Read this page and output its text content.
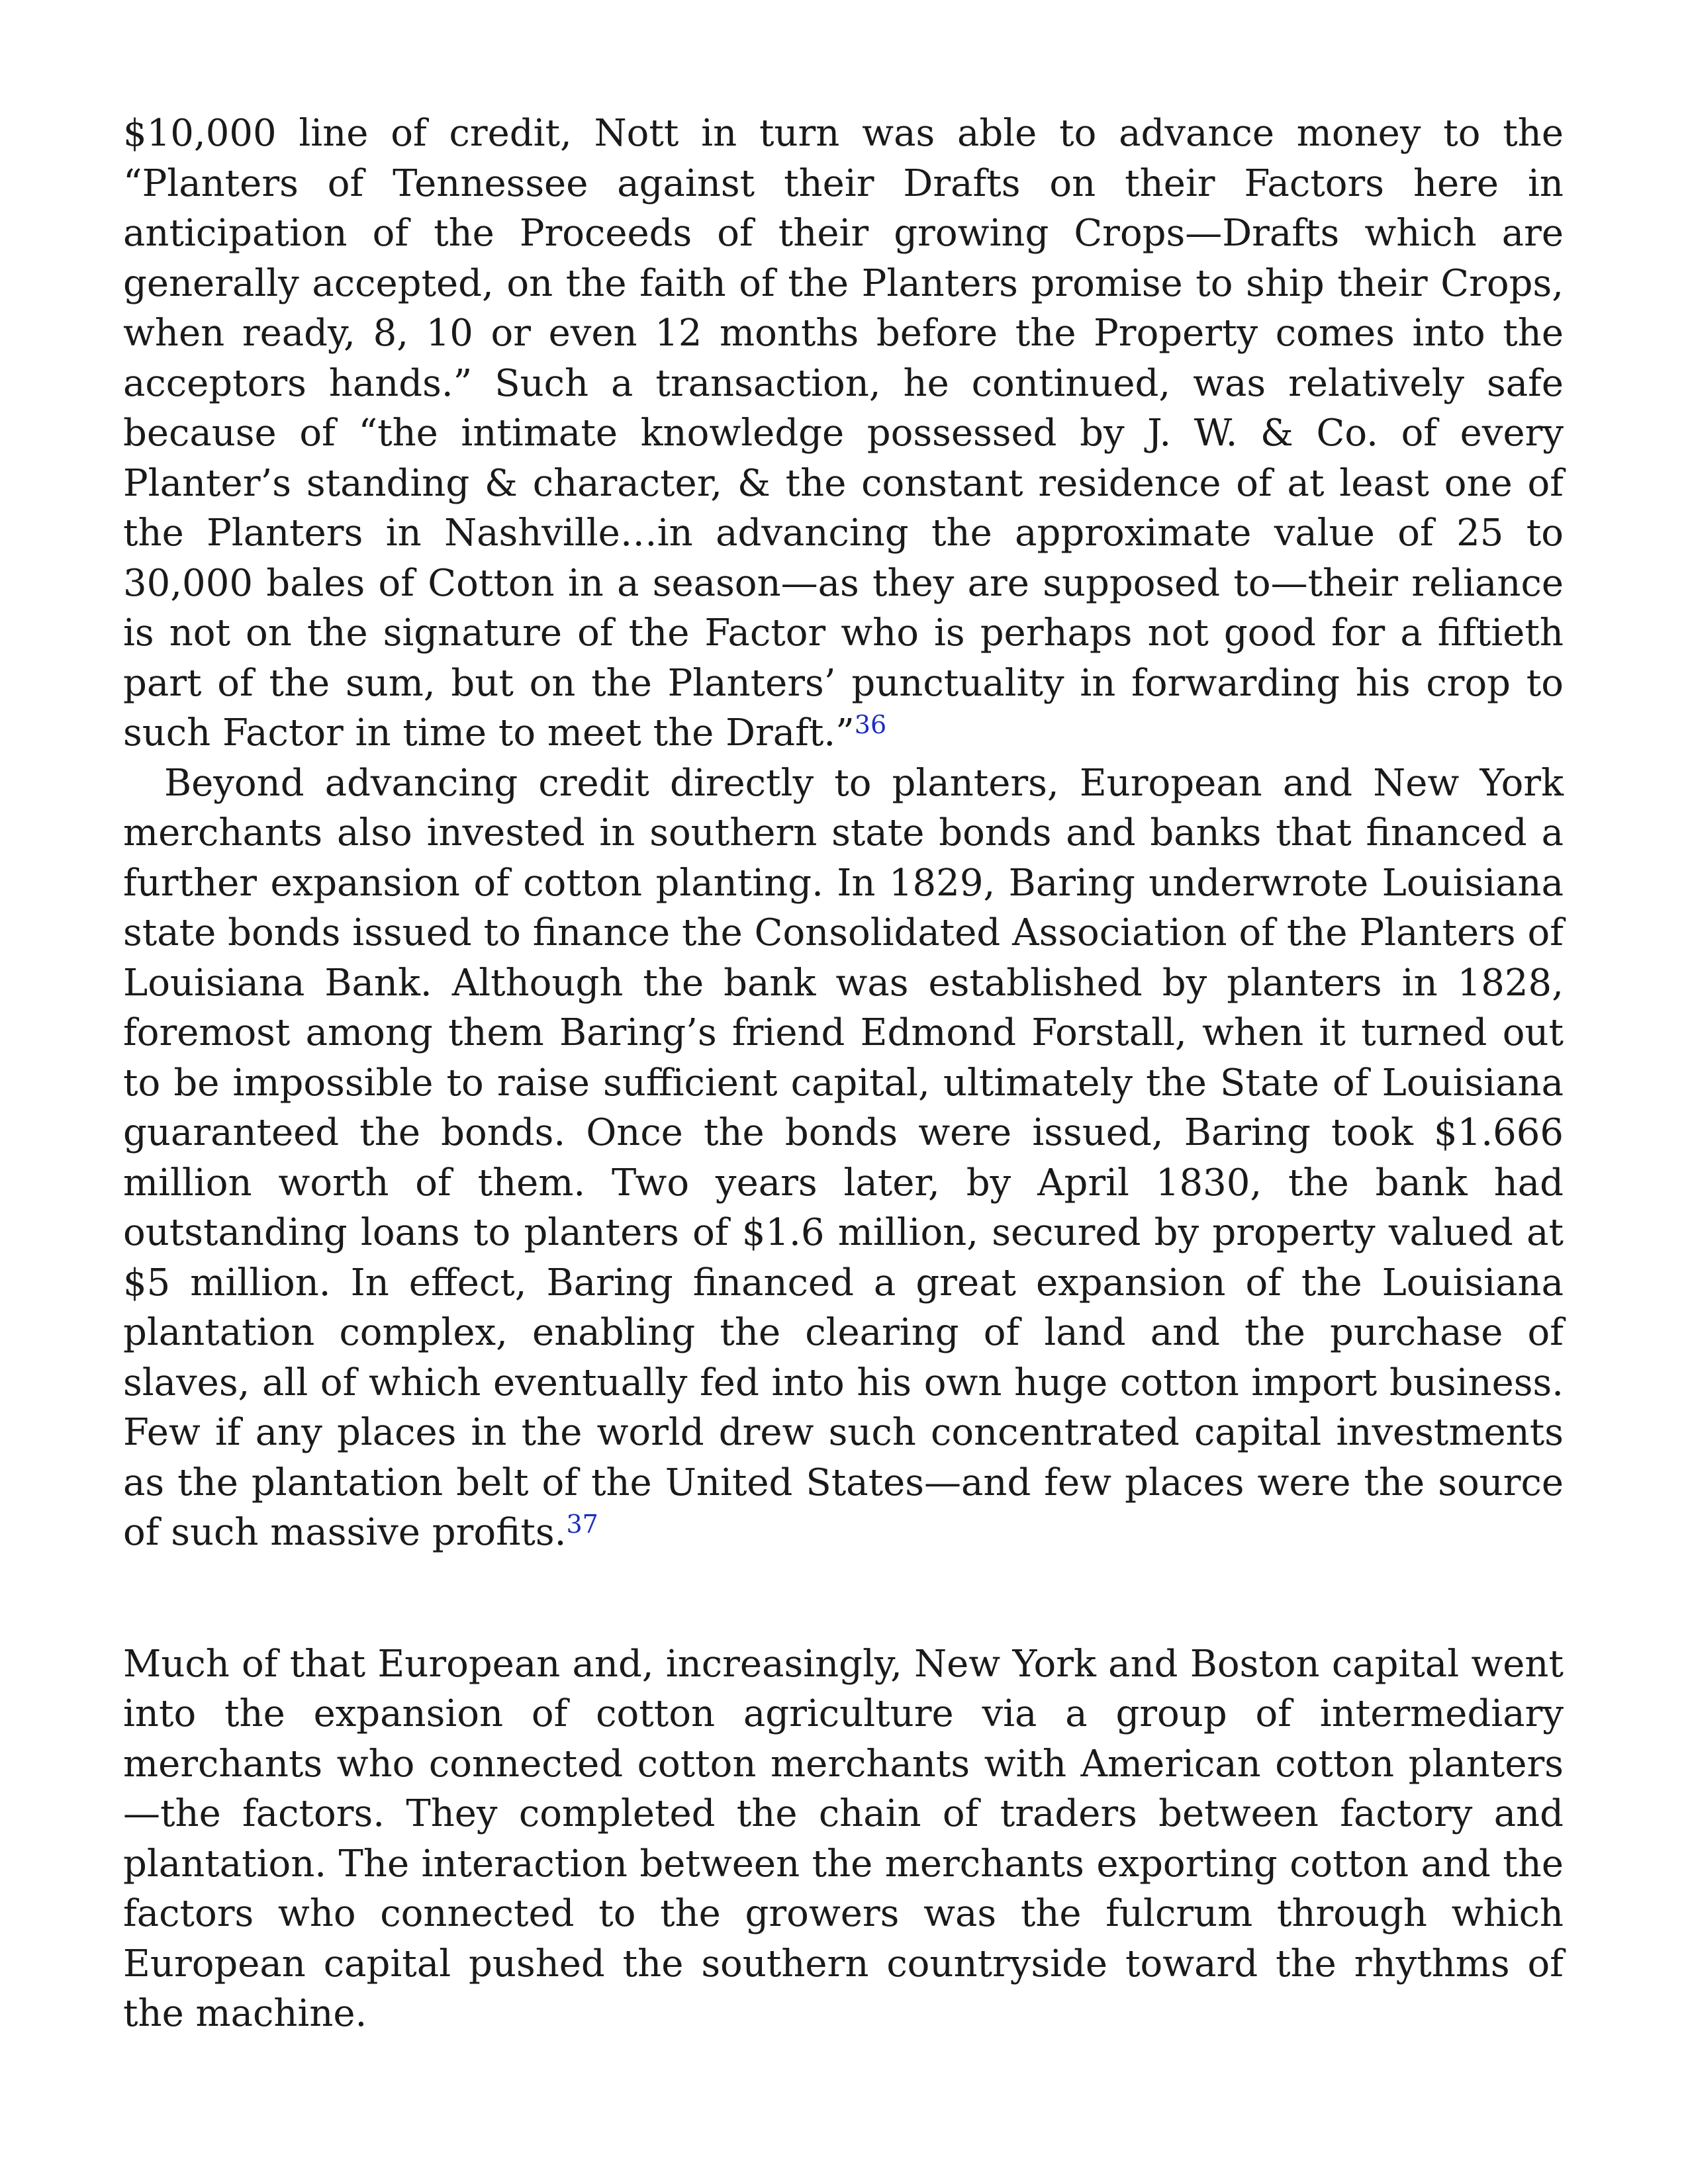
$10,000 line of credit, Nott in turn was able to advance money to the “Planters of Tennessee against their Drafts on their Factors here in anticipation of the Proceeds of their growing Crops—Drafts which are generally accepted, on the faith of the Planters promise to ship their Crops, when ready, 8, 10 or even 12 months before the Property comes into the acceptors hands.” Such a transaction, he continued, was relatively safe because of “the intimate knowledge possessed by J. W. & Co. of every Planter’s standing & character, & the constant residence of at least one of the Planters in Nashville…in advancing the approximate value of 25 to 30,000 bales of Cotton in a season—as they are supposed to—their reliance is not on the signature of the Factor who is perhaps not good for a fiftieth part of the sum, but on the Planters’ punctuality in forwarding his crop to such Factor in time to meet the Draft.”$^{36}$

Beyond advancing credit directly to planters, European and New York merchants also invested in southern state bonds and banks that financed a further expansion of cotton planting. In 1829, Baring underwrote Louisiana state bonds issued to finance the Consolidated Association of the Planters of Louisiana Bank. Although the bank was established by planters in 1828, foremost among them Baring’s friend Edmond Forstall, when it turned out to be impossible to raise sufficient capital, ultimately the State of Louisiana guaranteed the bonds. Once the bonds were issued, Baring took $1.666 million worth of them. Two years later, by April 1830, the bank had outstanding loans to planters of $1.6 million, secured by property valued at $5 million. In effect, Baring financed a great expansion of the Louisiana plantation complex, enabling the clearing of land and the purchase of slaves, all of which eventually fed into his own huge cotton import business. Few if any places in the world drew such concentrated capital investments as the plantation belt of the United States—and few places were the source of such massive profits.$^{37}$

Much of that European and, increasingly, New York and Boston capital went into the expansion of cotton agriculture via a group of intermediary merchants who connected cotton merchants with American cotton planters —the factors. They completed the chain of traders between factory and plantation. The interaction between the merchants exporting cotton and the factors who connected to the growers was the fulcrum through which European capital pushed the southern countryside toward the rhythms of the machine.
